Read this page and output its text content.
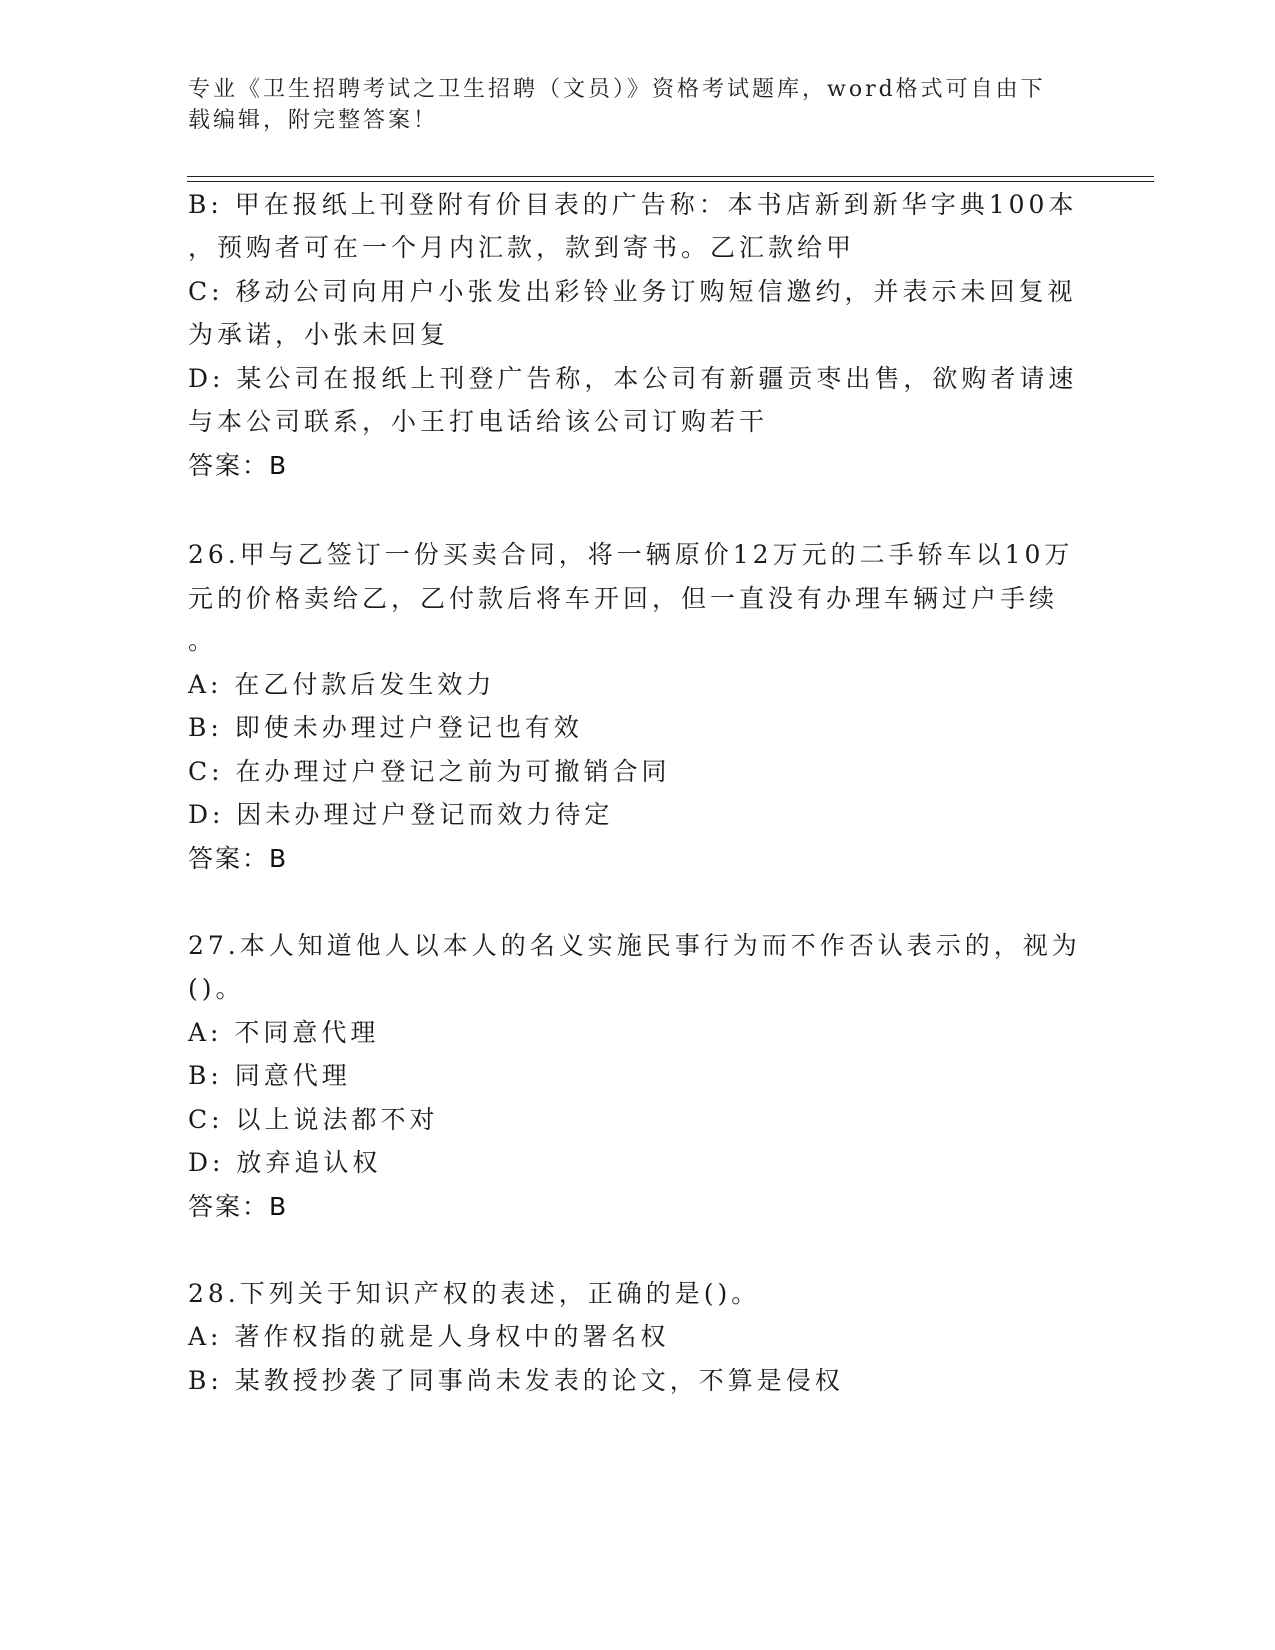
专业《卫生招聘考试之卫生招聘（文员）》资格考试题库，word格式可自由下载编辑，附完整答案！
B: 甲在报纸上刊登附有价目表的广告称：本书店新到新华字典100本
，预购者可在一个月内汇款，款到寄书。乙汇款给甲
C: 移动公司向用户小张发出彩铃业务订购短信邀约，并表示未回复视
为承诺，小张未回复
D: 某公司在报纸上刊登广告称，本公司有新疆贡枣出售，欲购者请速
与本公司联系，小王打电话给该公司订购若干
答案：B
26.甲与乙签订一份买卖合同，将一辆原价12万元的二手轿车以10万
元的价格卖给乙，乙付款后将车开回，但一直没有办理车辆过户手续
。
A: 在乙付款后发生效力
B: 即使未办理过户登记也有效
C: 在办理过户登记之前为可撤销合同
D: 因未办理过户登记而效力待定
答案：B
27.本人知道他人以本人的名义实施民事行为而不作否认表示的，视为
()。
A: 不同意代理
B: 同意代理
C: 以上说法都不对
D: 放弃追认权
答案：B
28.下列关于知识产权的表述，正确的是()。
A: 著作权指的就是人身权中的署名权
B: 某教授抄袭了同事尚未发表的论文，不算是侵权
